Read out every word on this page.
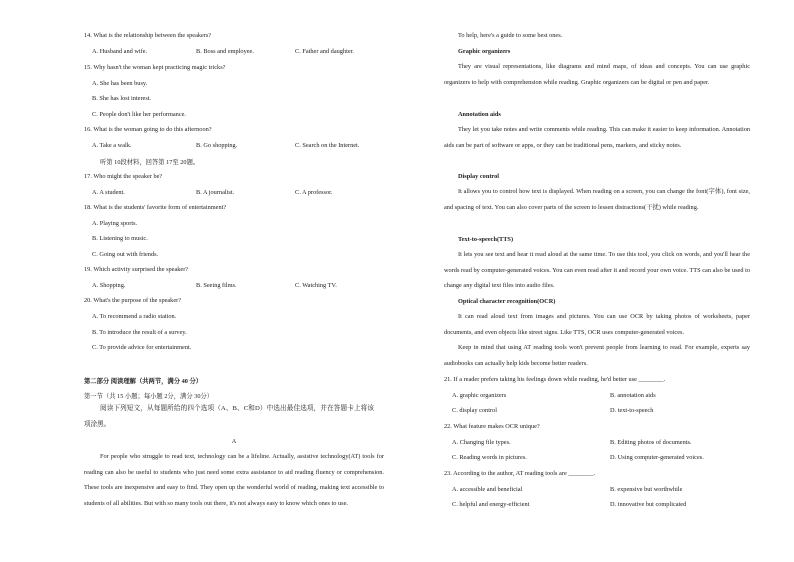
14. What is the relationship between the speakers?
A. Husband and wife.	B. Boss and employee.	C. Father and daughter.
15. Why hasn't the woman kept practicing magic tricks?
A. She has been busy.
B. She has lost interest.
C. People don't like her performance.
16. What is the woman going to do this afternoon?
A. Take a walk.	B. Go shopping.	C. Search on the Internet.
听第 10段材料，回答第 17至 20题。
17. Who might the speaker be?
A. A student.	B. A journalist.	C. A professor.
18. What is the students' favorite form of entertainment?
A. Playing sports.
B. Listening to music.
C. Going out with friends.
19. Which activity surprised the speaker?
A. Shopping.	B. Seeing films.	C. Watching TV.
20. What's the purpose of the speaker?
A. To recommend a radio station.
B. To introduce the result of a survey.
C. To provide advice for entertainment.
第二部分 阅读理解（共两节，满分 40 分）
第一节（共 15 小题；每小题 2分，满分 30分）
阅读下列短文，从每题所给的四个选项（A、B、C和D）中选出最佳选项，并在答题卡上将该项涂黑。
A
For people who struggle to read text, technology can be a lifeline. Actually, assistive technology(AT) tools for reading can also be useful to students who just need some extra assistance to aid reading fluency or comprehension. These tools are inexpensive and easy to find. They open up the wonderful world of reading, making text accessible to students of all abilities. But with so many tools out there, it's not always easy to know which ones to use.
To help, here's a guide to some best ones.
Graphic organizers
They are visual representations, like diagrams and mind maps, of ideas and concepts. You can use graphic organizers to help with comprehension while reading. Graphic organizers can be digital or pen and paper.
Annotation aids
They let you take notes and write comments while reading. This can make it easier to keep information. Annotation aids can be part of software or apps, or they can be traditional pens, markers, and sticky notes.
Display control
It allows you to control how text is displayed. When reading on a screen, you can change the font(字体), font size, and spacing of text. You can also cover parts of the screen to lessen distractions(干扰) while reading.
Text-to-speech(TTS)
It lets you see text and hear it read aloud at the same time. To use this tool, you click on words, and you'll hear the words read by computer-generated voices. You can even read after it and record your own voice. TTS can also be used to change any digital text files into audio files.
Optical character recognition(OCR)
It can read aloud text from images and pictures. You can use OCR by taking photos of worksheets, paper documents, and even objects like street signs. Like TTS, OCR uses computer-generated voices.
Keep in mind that using AT reading tools won't prevent people from learning to read. For example, experts say audiobooks can actually help kids become better readers.
21. If a reader prefers taking his feelings down while reading, he'd better use ________.
A. graphic organizers	B. annotation aids
C. display control	D. text-to-speech
22. What feature makes OCR unique?
A. Changing file types.	B. Editing photos of documents.
C. Reading words in pictures.	D. Using computer-generated voices.
23. According to the author, AT reading tools are ________.
A. accessible and beneficial	B. expensive but worthwhile
C. helpful and energy-efficient	D. innovative but complicated
